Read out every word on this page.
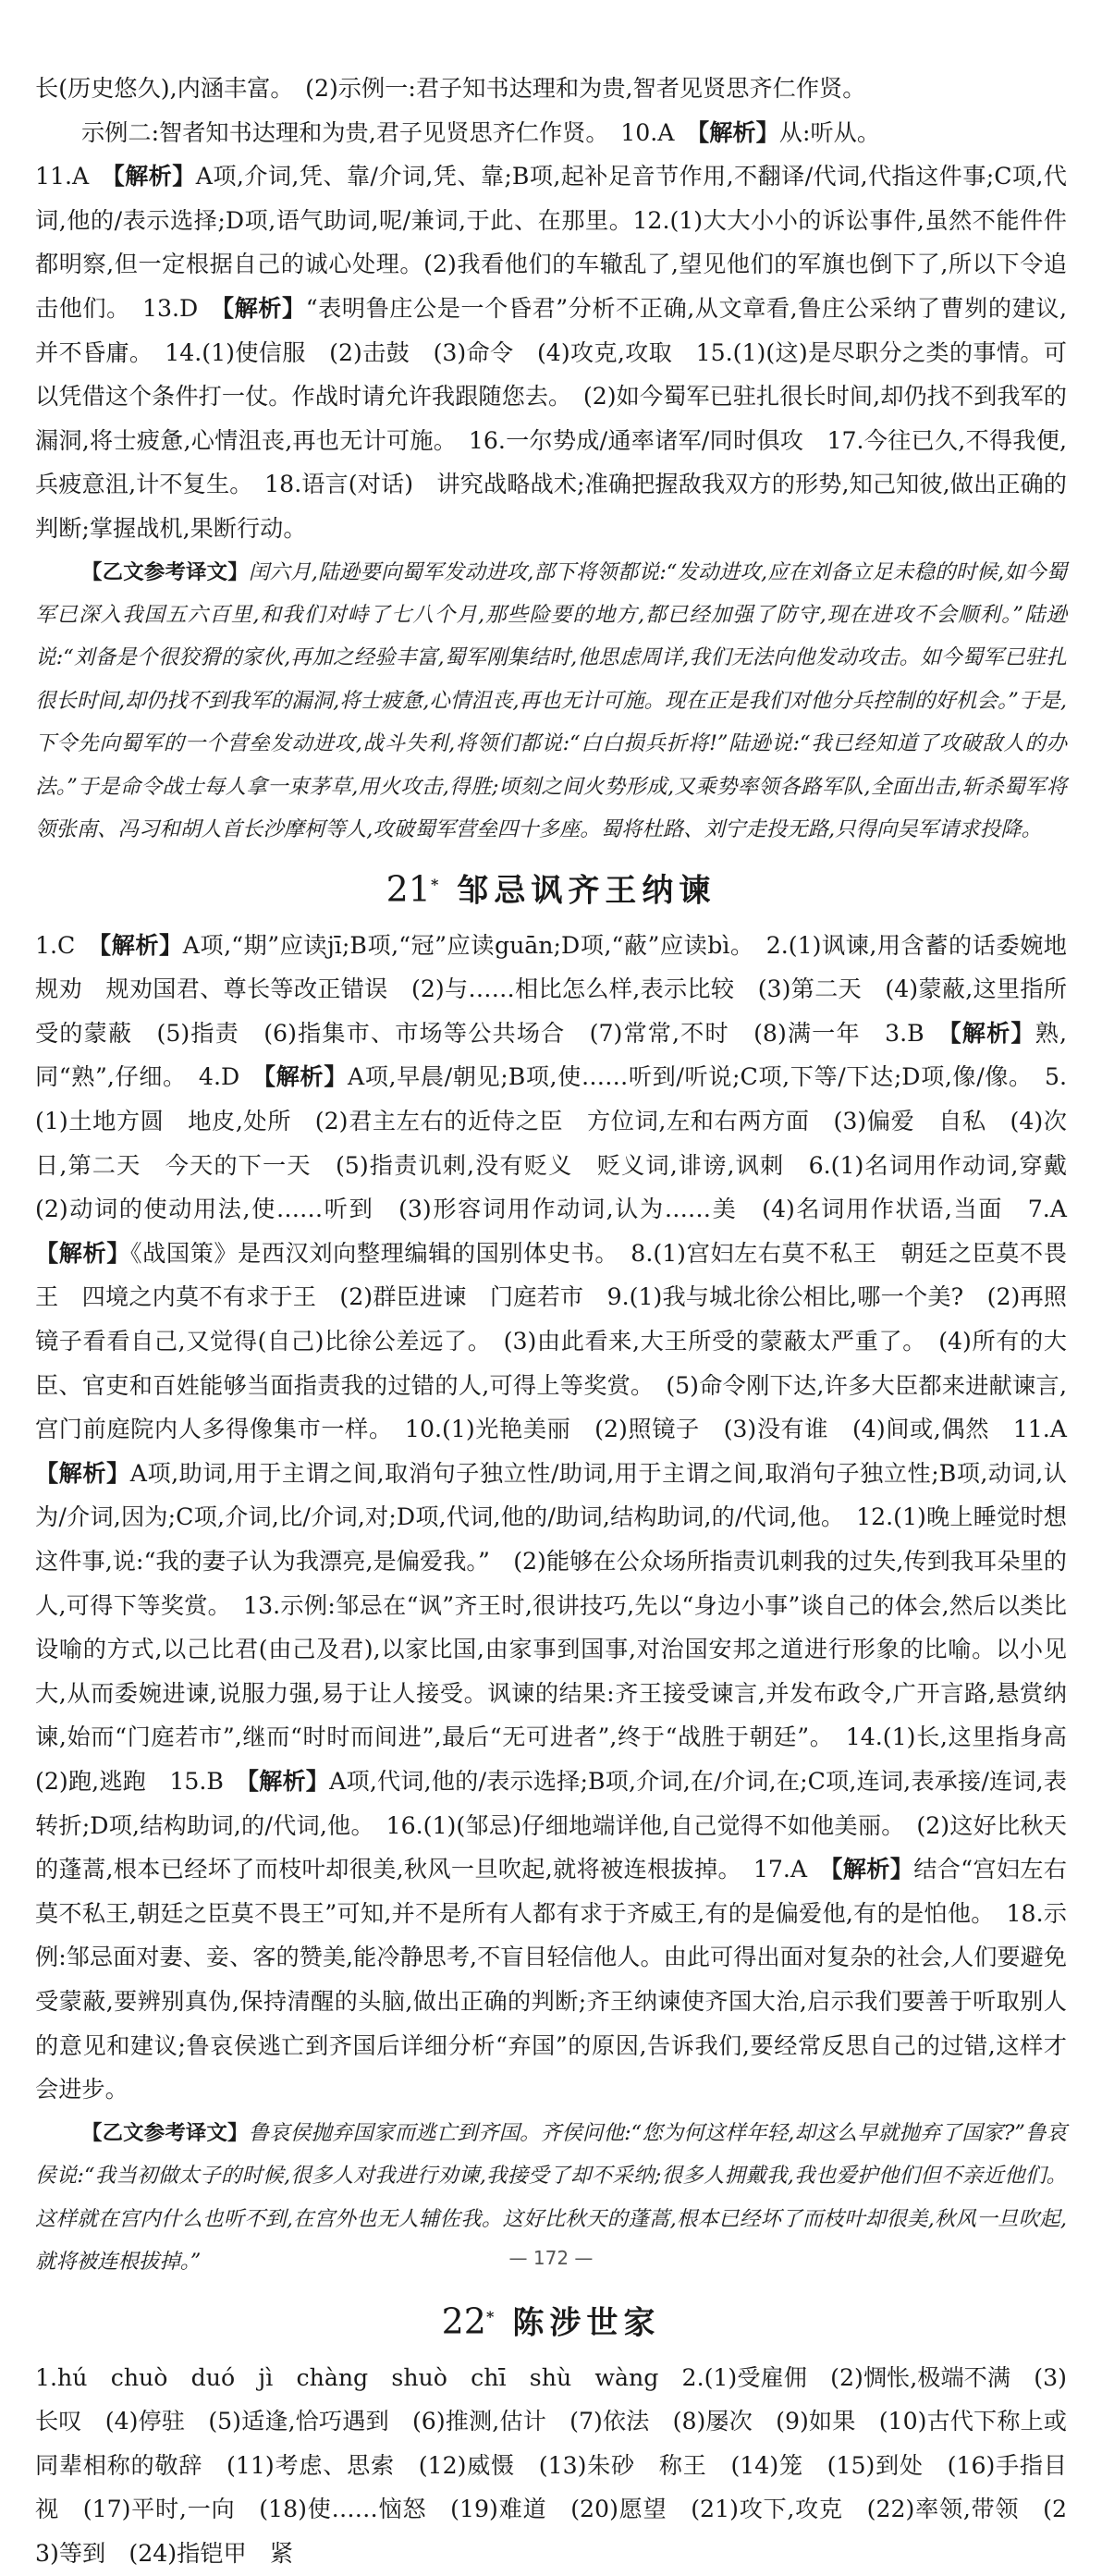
长(历史悠久),内涵丰富。　(2)示例一:君子知书达理和为贵,智者见贤思齐仁作贤。

示例二:智者知书达理和为贵,君子见贤思齐仁作贤。　10.A　【解析】从:听从。

11.A　【解析】A项,介词,凭、靠/介词,凭、靠;B项,起补足音节作用,不翻译/代词,代指这件事;C项,代词,他的/表示选择;D项,语气助词,呢/兼词,于此、在那里。12.(1)大大小小的诉讼事件,虽然不能件件都明察,但一定根据自己的诚心处理。(2)我看他们的车辙乱了,望见他们的军旗也倒下了,所以下令追击他们。　13.D　【解析】“表明鲁庄公是一个昏君”分析不正确,从文章看,鲁庄公采纳了曹刿的建议,并不昏庸。　14.(1)使信服　(2)击鼓　(3)命令　(4)攻克,攻取　15.(1)(这)是尽职分之类的事情。可以凭借这个条件打一仗。作战时请允许我跟随您去。　(2)如今蜀军已驻扎很长时间,却仍找不到我军的漏洞,将士疲惫,心情沮丧,再也无计可施。　16.一尔势成/通率诸军/同时俱攻　17.今往已久,不得我便,兵疲意沮,计不复生。　18.语言(对话)　讲究战略战术;准确把握敌我双方的形势,知己知彼,做出正确的判断;掌握战机,果断行动。

【乙文参考译文】闰六月,陆逊要向蜀军发动进攻,部下将领都说:“发动进攻,应在刘备立足未稳的时候,如今蜀军已深入我国五六百里,和我们对峙了七八个月,那些险要的地方,都已经加强了防守,现在进攻不会顺利。”陆逊说:“刘备是个很狡猾的家伙,再加之经验丰富,蜀军刚集结时,他思虑周详,我们无法向他发动攻击。如今蜀军已驻扎很长时间,却仍找不到我军的漏洞,将士疲惫,心情沮丧,再也无计可施。现在正是我们对他分兵控制的好机会。”于是,下令先向蜀军的一个营垒发动进攻,战斗失利,将领们都说:“白白损兵折将!”陆逊说:“我已经知道了攻破敌人的办法。”于是命令战士每人拿一束茅草,用火攻击,得胜;顷刻之间火势形成,又乘势率领各路军队,全面出击,斩杀蜀军将领张南、冯习和胡人首长沙摩柯等人,攻破蜀军营垒四十多座。蜀将杜路、刘宁走投无路,只得向吴军请求投降。

21* 邹忌讽齐王纳谏

1.C　【解析】A项,“期”应读jī;B项,“冠”应读guān;D项,“蔽”应读bì。　2.(1)讽谏,用含蓄的话委婉地规劝　规劝国君、尊长等改正错误　(2)与……相比怎么样,表示比较　(3)第二天　(4)蒙蔽,这里指所受的蒙蔽　(5)指责　(6)指集市、市场等公共场合　(7)常常,不时　(8)满一年　3.B　【解析】熟,同“熟”,仔细。　4.D　【解析】A项,早晨/朝见;B项,使……听到/听说;C项,下等/下达;D项,像/像。　5.(1)土地方圆　地皮,处所　(2)君主左右的近侍之臣　方位词,左和右两方面　(3)偏爱　自私　(4)次日,第二天　今天的下一天　(5)指责讥刺,没有贬义　贬义词,诽谤,讽刺　6.(1)名词用作动词,穿戴　(2)动词的使动用法,使……听到　(3)形容词用作动词,认为……美　(4)名词用作状语,当面　7.A　【解析】《战国策》是西汉刘向整理编辑的国别体史书。　8.(1)宫妇左右莫不私王　朝廷之臣莫不畏王　四境之内莫不有求于王　(2)群臣进谏　门庭若市　9.(1)我与城北徐公相比,哪一个美?　(2)再照镜子看看自己,又觉得(自己)比徐公差远了。　(3)由此看来,大王所受的蒙蔽太严重了。　(4)所有的大臣、官吏和百姓能够当面指责我的过错的人,可得上等奖赏。　(5)命令刚下达,许多大臣都来进献谏言,宫门前庭院内人多得像集市一样。　10.(1)光艳美丽　(2)照镜子　(3)没有谁　(4)间或,偶然　11.A　【解析】A项,助词,用于主谓之间,取消句子独立性/助词,用于主谓之间,取消句子独立性;B项,动词,认为/介词,因为;C项,介词,比/介词,对;D项,代词,他的/助词,结构助词,的/代词,他。　12.(1)晚上睡觉时想这件事,说:“我的妻子认为我漂亮,是偏爱我。”　(2)能够在公众场所指责讥刺我的过失,传到我耳朵里的人,可得下等奖赏。　13.示例:邹忌在“讽”齐王时,很讲技巧,先以“身边小事”谈自己的体会,然后以类比设喻的方式,以己比君(由己及君),以家比国,由家事到国事,对治国安邦之道进行形象的比喻。以小见大,从而委婉进谏,说服力强,易于让人接受。讽谏的结果:齐王接受谏言,并发布政令,广开言路,悬赏纳谏,始而“门庭若市”,继而“时时而间进”,最后“无可进者”,终于“战胜于朝廷”。　14.(1)长,这里指身高　(2)跑,逃跑　15.B　【解析】A项,代词,他的/表示选择;B项,介词,在/介词,在;C项,连词,表承接/连词,表转折;D项,结构助词,的/代词,他。　16.(1)(邹忌)仔细地端详他,自己觉得不如他美丽。　(2)这好比秋天的蓬蒿,根本已经坏了而枝叶却很美,秋风一旦吹起,就将被连根拔掉。　17.A　【解析】结合“宫妇左右莫不私王,朝廷之臣莫不畏王”可知,并不是所有人都有求于齐威王,有的是偏爱他,有的是怕他。　18.示例:邹忌面对妻、妾、客的赞美,能冷静思考,不盲目轻信他人。由此可得出面对复杂的社会,人们要避免受蒙蔽,要辨别真伪,保持清醒的头脑,做出正确的判断;齐王纳谏使齐国大治,启示我们要善于听取别人的意见和建议;鲁哀侯逃亡到齐国后详细分析“弃国”的原因,告诉我们,要经常反思自己的过错,这样才会进步。

【乙文参考译文】鲁哀侯抛弃国家而逃亡到齐国。齐侯问他:“您为何这样年轻,却这么早就抛弃了国家?”鲁哀侯说:“我当初做太子的时候,很多人对我进行劝谏,我接受了却不采纳;很多人拥戴我,我也爱护他们但不亲近他们。这样就在宫内什么也听不到,在宫外也无人辅佐我。这好比秋天的蓬蒿,根本已经坏了而枝叶却很美,秋风一旦吹起,就将被连根拔掉。”

22* 陈涉世家

1.hú　chuò　duó　jì　chàng　shuò　chī　shù　wàng　2.(1)受雇佣　(2)惆怅,极端不满　(3)长叹　(4)停驻　(5)适逢,恰巧遇到　(6)推测,估计　(7)依法　(8)屡次　(9)如果　(10)古代下称上或同辈相称的敬辞　(11)考虑、思索　(12)威慑　(13)朱砂　称王　(14)笼　(15)到处　(16)手指目视　(17)平时,一向　(18)使……恼怒　(19)难道　(20)愿望　(21)攻下,攻克　(22)率领,带领　(23)等到　(24)指铠甲　紧

— 172 —
